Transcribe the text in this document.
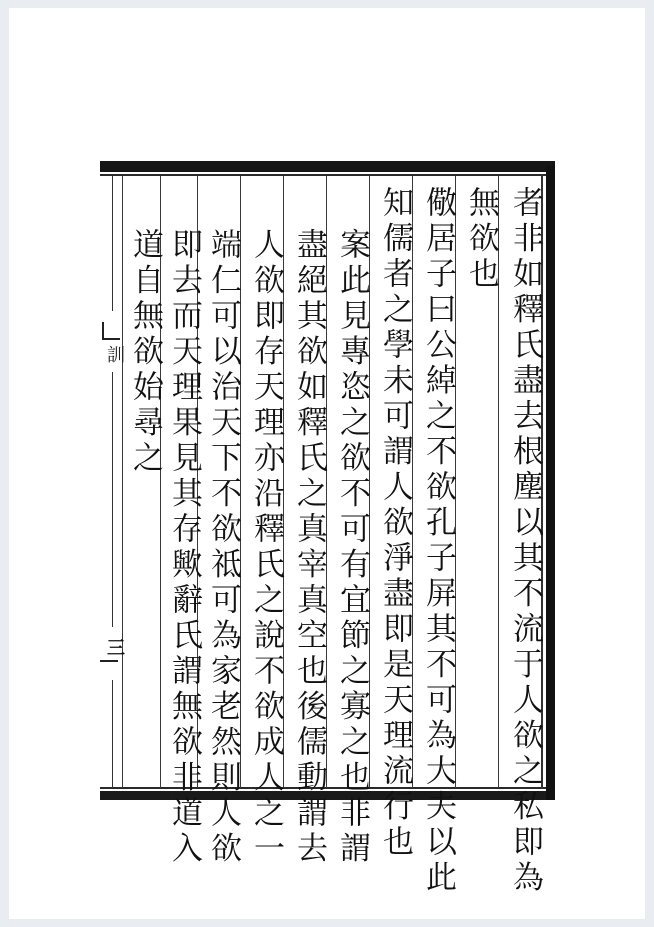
訓
三	者非如釋氏盡去根塵以其不流于人欲之私即為
無欲也
儆居子曰公綽之不欲孔子屏其不可為大夫以此
知儒者之學未可謂人欲淨盡即是天理流行也
案此見專恣之欲不可有宜節之寡之也非謂
盡絕其欲如釋氏之真宰真空也後儒動謂去
人欲即存天理亦沿釋氏之說不欲成人之一
端仁可以治天下不欲祗可為家老然則人欲
即去而天理果見其存歟辭氏謂無欲非道入
道自無欲始尋之
